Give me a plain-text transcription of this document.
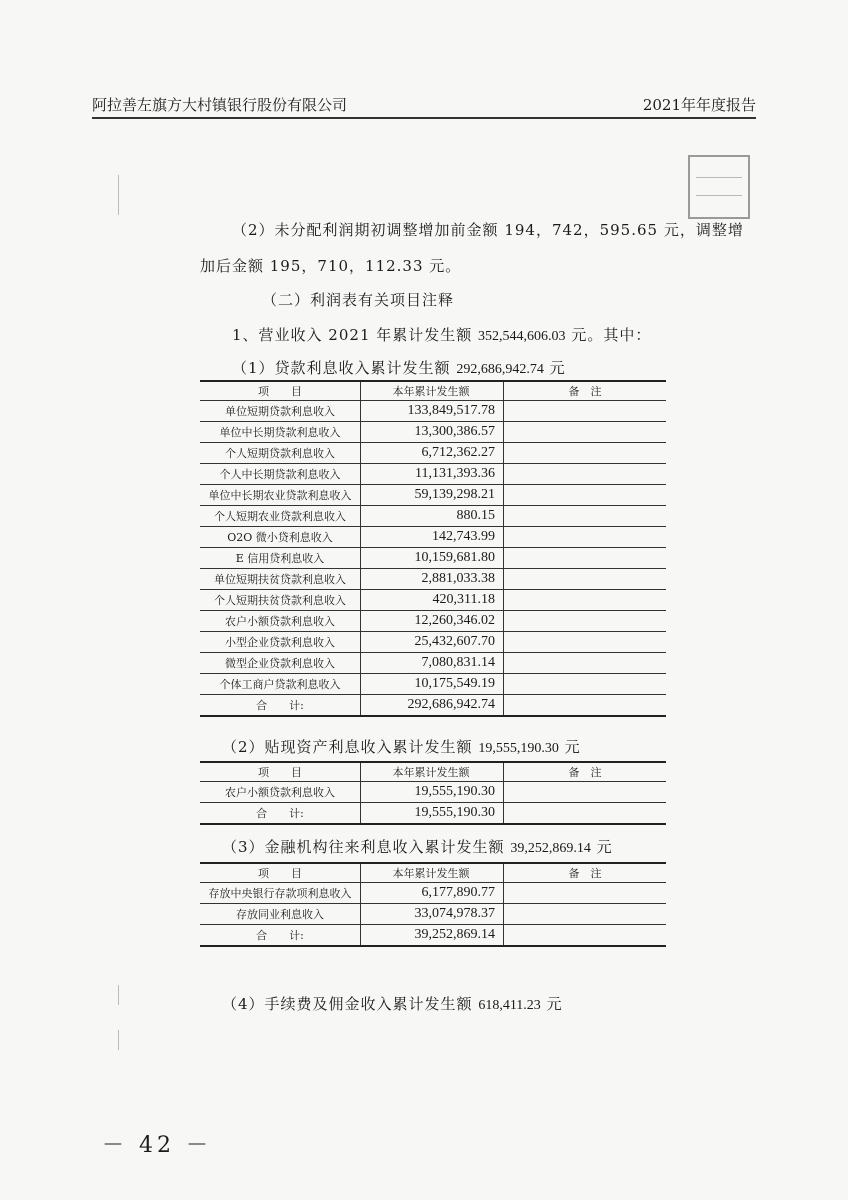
阿拉善左旗方大村镇银行股份有限公司	2021年年度报告
（2）未分配利润期初调整增加前金额 194，742，595.65 元，调整增
加后金额 195，710，112.33 元。
（二）利润表有关项目注释
1、营业收入 2021 年累计发生额 352,544,606.03 元。其中：
（1）贷款利息收入累计发生额 292,686,942.74 元
项　　目	本年累计发生额	备　注
单位短期贷款利息收入	133,849,517.78	
单位中长期贷款利息收入	13,300,386.57	
个人短期贷款利息收入	6,712,362.27	
个人中长期贷款利息收入	11,131,393.36	
单位中长期农业贷款利息收入	59,139,298.21	
个人短期农业贷款利息收入	880.15	
O2O 微小贷利息收入	142,743.99	
E 信用贷利息收入	10,159,681.80	
单位短期扶贫贷款利息收入	2,881,033.38	
个人短期扶贫贷款利息收入	420,311.18	
农户小额贷款利息收入	12,260,346.02	
小型企业贷款利息收入	25,432,607.70	
微型企业贷款利息收入	7,080,831.14	
个体工商户贷款利息收入	10,175,549.19	
合　　计:	292,686,942.74	
（2）贴现资产利息收入累计发生额 19,555,190.30 元
项　　目	本年累计发生额	备　注
农户小额贷款利息收入	19,555,190.30	
合　　计:	19,555,190.30	
（3）金融机构往来利息收入累计发生额 39,252,869.14 元
项　　目	本年累计发生额	备　注
存放中央银行存款项利息收入	6,177,890.77	
存放同业利息收入	33,074,978.37	
合　　计:	39,252,869.14	
（4）手续费及佣金收入累计发生额 618,411.23 元
－ 42 －
